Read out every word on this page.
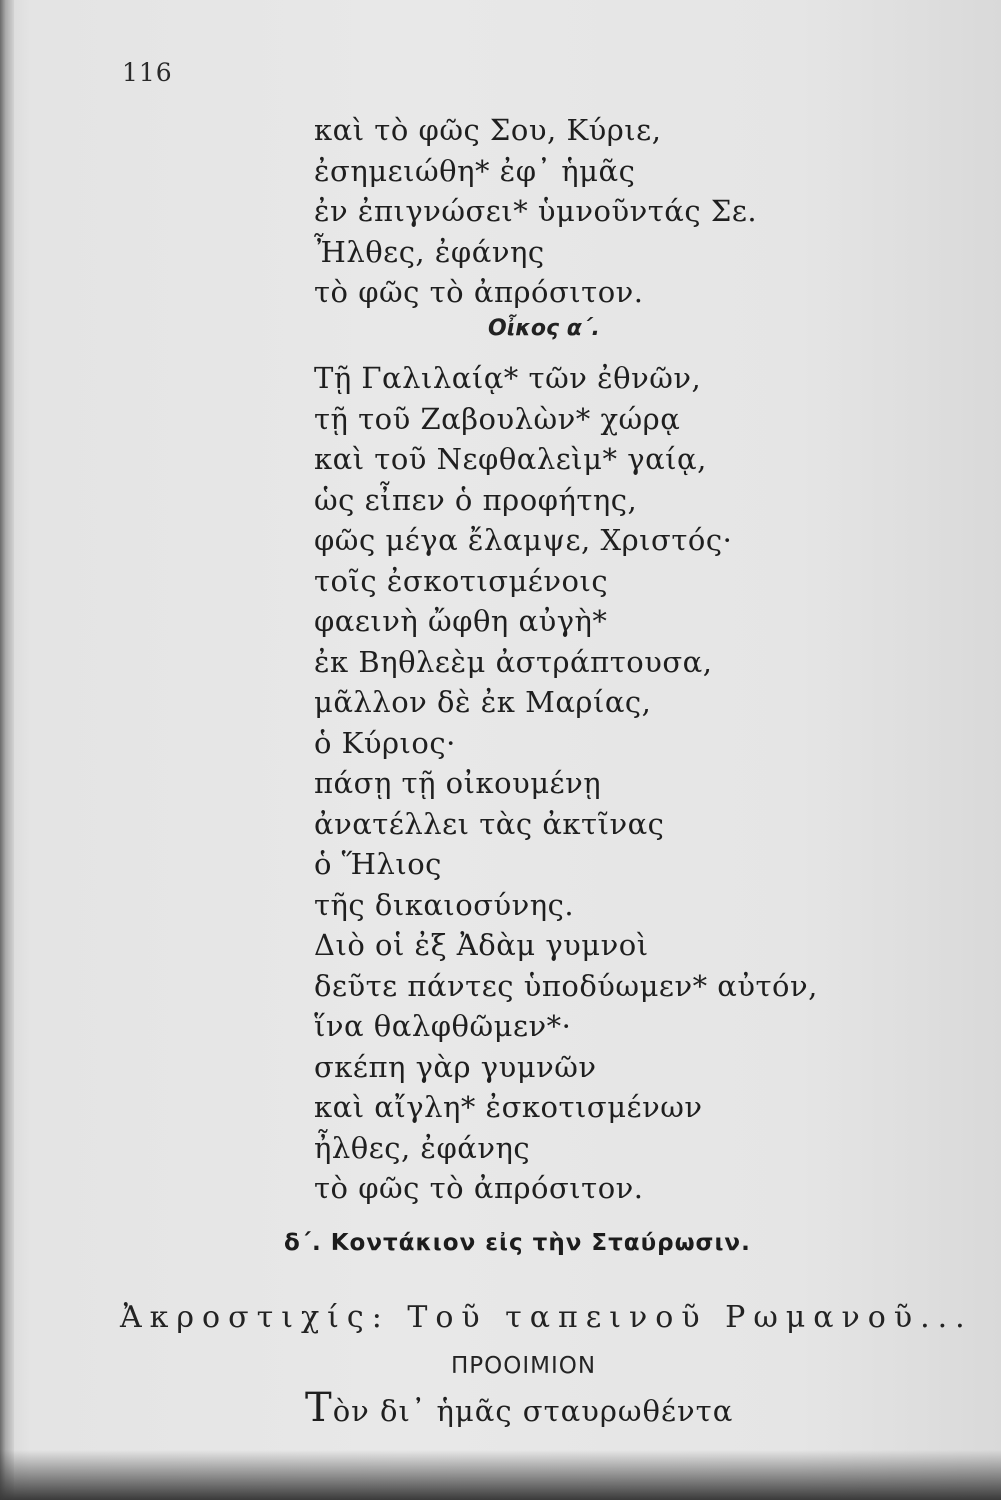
116
καὶ τὸ φῶς Σου, Κύριε,
ἐσημειώθη* ἐφ᾽ ἡμᾶς
ἐν ἐπιγνώσει* ὑμνοῦντάς Σε.
Ἦλθες, ἐφάνης
τὸ φῶς τὸ ἀπρόσιτον.
Οἶκος α΄.
Τῇ Γαλιλαίᾳ* τῶν ἐθνῶν,
τῇ τοῦ Ζαβουλὼν* χώρᾳ
καὶ τοῦ Νεφθαλεὶμ* γαίᾳ,
ὡς εἶπεν ὁ προφήτης,
φῶς μέγα ἔλαμψε, Χριστός·
τοῖς ἐσκοτισμένοις
φαεινὴ ὤφθη αὐγὴ*
ἐκ Βηθλεὲμ ἀστράπτουσα,
μᾶλλον δὲ ἐκ Μαρίας,
ὁ Κύριος·
πάσῃ τῇ οἰκουμένῃ
ἀνατέλλει τὰς ἀκτῖνας
ὁ Ἥλιος
τῆς δικαιοσύνης.
Διὸ οἱ ἐξ Ἀδὰμ γυμνοὶ
δεῦτε πάντες ὑποδύωμεν* αὐτόν,
ἵνα θαλφθῶμεν*·
σκέπη γὰρ γυμνῶν
καὶ αἴγλη* ἐσκοτισμένων
ἦλθες, ἐφάνης
τὸ φῶς τὸ ἀπρόσιτον.
δ΄. Κοντάκιον εἰς τὴν Σταύρωσιν.
Ἀκροστιχίς: Τοῦ ταπεινοῦ Ρωμανοῦ...
ΠΡΟΟΙΜΙΟΝ
Τὸν δι᾽ ἡμᾶς σταυρωθέντα
